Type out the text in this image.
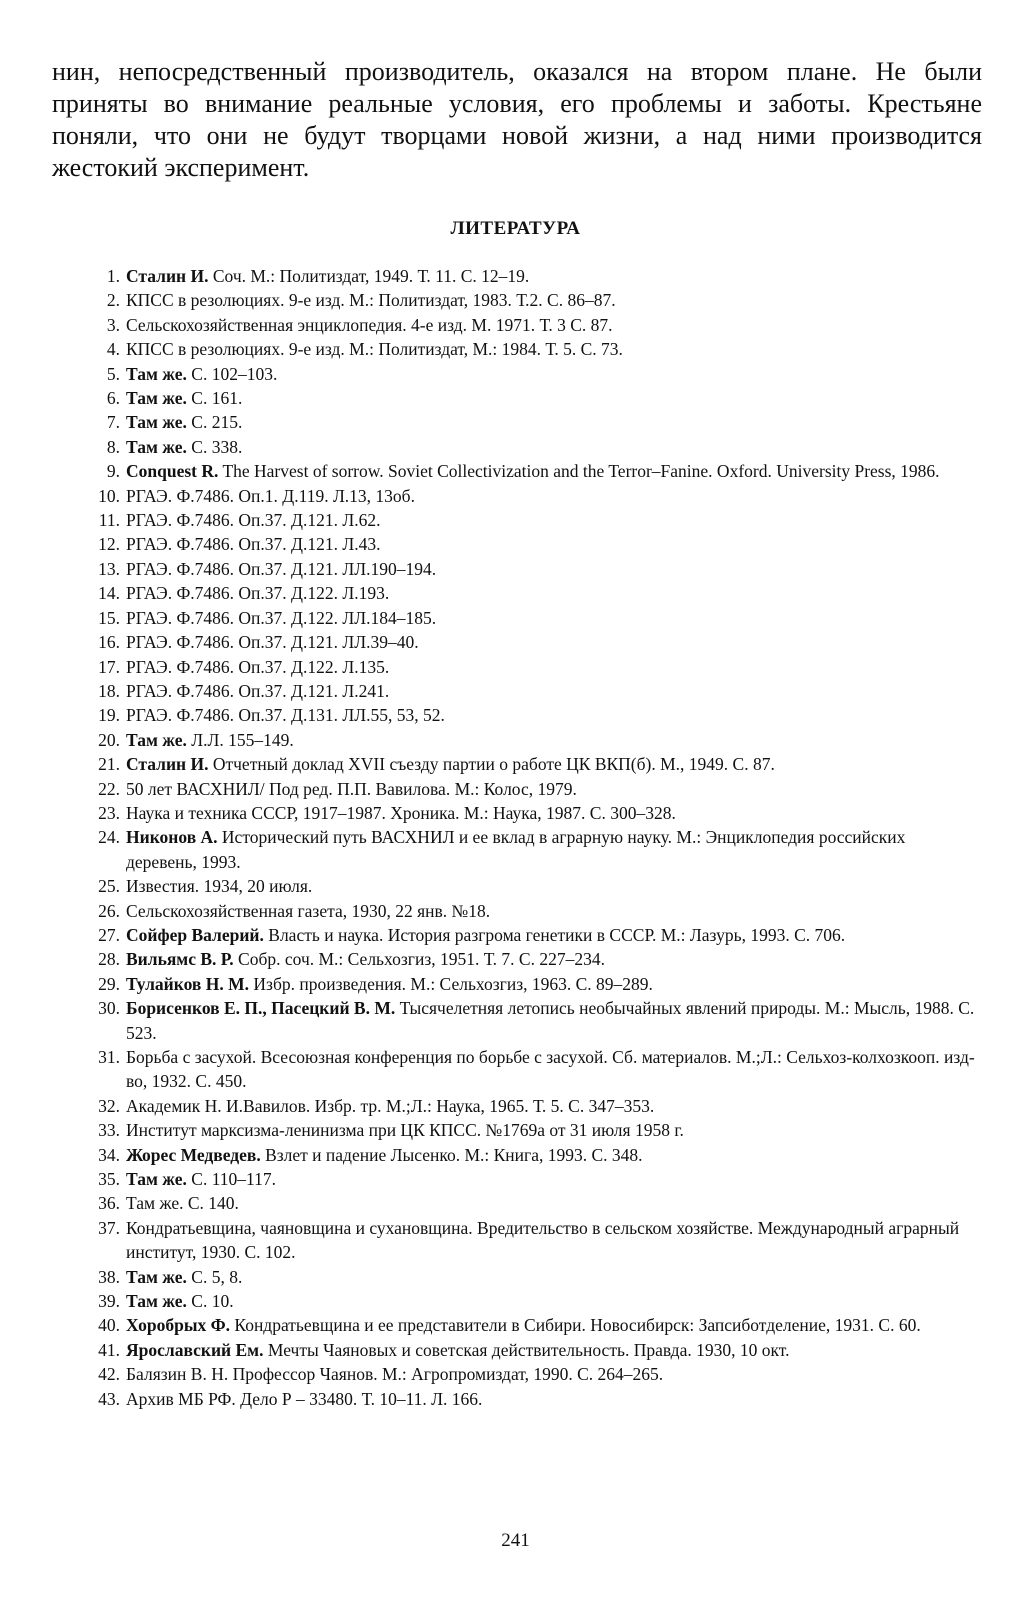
нин, непосредственный производитель, оказался на втором плане. Не были
приняты во внимание реальные условия, его проблемы и заботы. Крестьяне
поняли, что они не будут творцами новой жизни, а над ними производится
жестокий эксперимент.
ЛИТЕРАТУРА
1. Сталин И. Соч. М.: Политиздат, 1949. Т. 11. С. 12–19.
2. КПСС в резолюциях. 9-е изд. М.: Политиздат, 1983. Т.2. С. 86–87.
3. Сельскохозяйственная энциклопедия. 4-е изд. М. 1971. Т. 3 С. 87.
4. КПСС в резолюциях. 9-е изд. М.: Политиздат, М.: 1984. Т. 5. С. 73.
5. Там же. С. 102–103.
6. Там же. С. 161.
7. Там же. С. 215.
8. Там же. С. 338.
9. Conquest R. The Harvest of sorrow. Soviet Collectivization and the Terror–Fanine. Oxford. University Press, 1986.
10. РГАЭ. Ф.7486. Оп.1. Д.119. Л.13, 13об.
11. РГАЭ. Ф.7486. Оп.37. Д.121. Л.62.
12. РГАЭ. Ф.7486. Оп.37. Д.121. Л.43.
13. РГАЭ. Ф.7486. Оп.37. Д.121. ЛЛ.190–194.
14. РГАЭ. Ф.7486. Оп.37. Д.122. Л.193.
15. РГАЭ. Ф.7486. Оп.37. Д.122. ЛЛ.184–185.
16. РГАЭ. Ф.7486. Оп.37. Д.121. ЛЛ.39–40.
17. РГАЭ. Ф.7486. Оп.37. Д.122. Л.135.
18. РГАЭ. Ф.7486. Оп.37. Д.121. Л.241.
19. РГАЭ. Ф.7486. Оп.37. Д.131. ЛЛ.55, 53, 52.
20. Там же. Л.Л. 155–149.
21. Сталин И. Отчетный доклад XVII съезду партии о работе ЦК ВКП(б). М., 1949. С. 87.
22. 50 лет ВАСХНИЛ/ Под ред. П.П. Вавилова. М.: Колос, 1979.
23. Наука и техника СССР, 1917–1987. Хроника. М.: Наука, 1987. С. 300–328.
24. Никонов А. Исторический путь ВАСХНИЛ и ее вклад в аграрную науку. М.: Энциклопедия российских деревень, 1993.
25. Известия. 1934, 20 июля.
26. Сельскохозяйственная газета, 1930, 22 янв. №18.
27. Сойфер Валерий. Власть и наука. История разгрома генетики в СССР. М.: Лазурь, 1993. С. 706.
28. Вильямс В. Р. Собр. соч. М.: Сельхозгиз, 1951. Т. 7. С. 227–234.
29. Тулайков Н. М. Избр. произведения. М.: Сельхозгиз, 1963. С. 89–289.
30. Борисенков Е. П., Пасецкий В. М. Тысячелетняя летопись необычайных явлений природы. М.: Мысль, 1988. С. 523.
31. Борьба с засухой. Всесоюзная конференция по борьбе с засухой. Сб. материалов. М.;Л.: Сельхоз-колхозкооп. изд-во, 1932. С. 450.
32. Академик Н. И.Вавилов. Избр. тр. М.;Л.: Наука, 1965. Т. 5. С. 347–353.
33. Институт марксизма-ленинизма при ЦК КПСС. №1769а от 31 июля 1958 г.
34. Жорес Медведев. Взлет и падение Лысенко. М.: Книга, 1993. С. 348.
35. Там же. С. 110–117.
36. Там же. С. 140.
37. Кондратьевщина, чаяновщина и сухановщина. Вредительство в сельском хозяйстве. Международный аграрный институт, 1930. С. 102.
38. Там же. С. 5, 8.
39. Там же. С. 10.
40. Хоробрых Ф. Кондратьевщина и ее представители в Сибири. Новосибирск: Запсиботделение, 1931. С. 60.
41. Ярославский Ем. Мечты Чаяновых и советская действительность. Правда. 1930, 10 окт.
42. Балязин В. Н. Профессор Чаянов. М.: Агропромиздат, 1990. С. 264–265.
43. Архив МБ РФ. Дело Р – 33480. Т. 10–11. Л. 166.
241
